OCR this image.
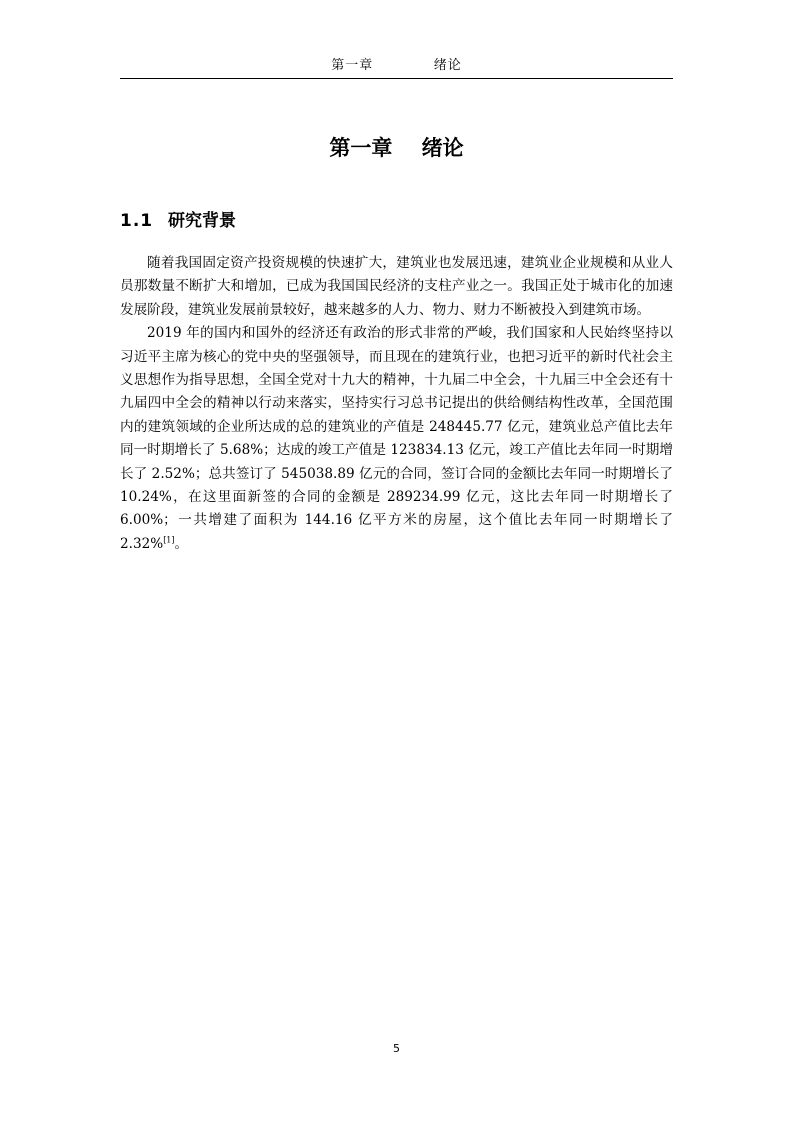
第一章    绪论
第一章    绪论
1.1 研究背景

随着我国固定资产投资规模的快速扩大，建筑业也发展迅速，建筑业企业规模和从业人员那数量不断扩大和增加，已成为我国国民经济的支柱产业之一。我国正处于城市化的加速发展阶段，建筑业发展前景较好，越来越多的人力、物力、财力不断被投入到建筑市场。

2019 年的国内和国外的经济还有政治的形式非常的严峻，我们国家和人民始终坚持以习近平主席为核心的党中央的坚强领导，而且现在的建筑行业，也把习近平的新时代社会主义思想作为指导思想，全国全党对十九大的精神，十九届二中全会，十九届三中全会还有十九届四中全会的精神以行动来落实，坚持实行习总书记提出的供给侧结构性改革，全国范围内的建筑领域的企业所达成的总的建筑业的产值是 248445.77 亿元，建筑业总产值比去年同一时期增长了 5.68%；达成的竣工产值是 123834.13 亿元，竣工产值比去年同一时期增长了 2.52%；总共签订了 545038.89 亿元的合同，签订合同的金额比去年同一时期增长了 10.24%，在这里面新签的合同的金额是 289234.99 亿元，这比去年同一时期增长了 6.00%；一共增建了面积为 144.16 亿平方米的房屋，这个值比去年同一时期增长了 2.32%[1]。

5
